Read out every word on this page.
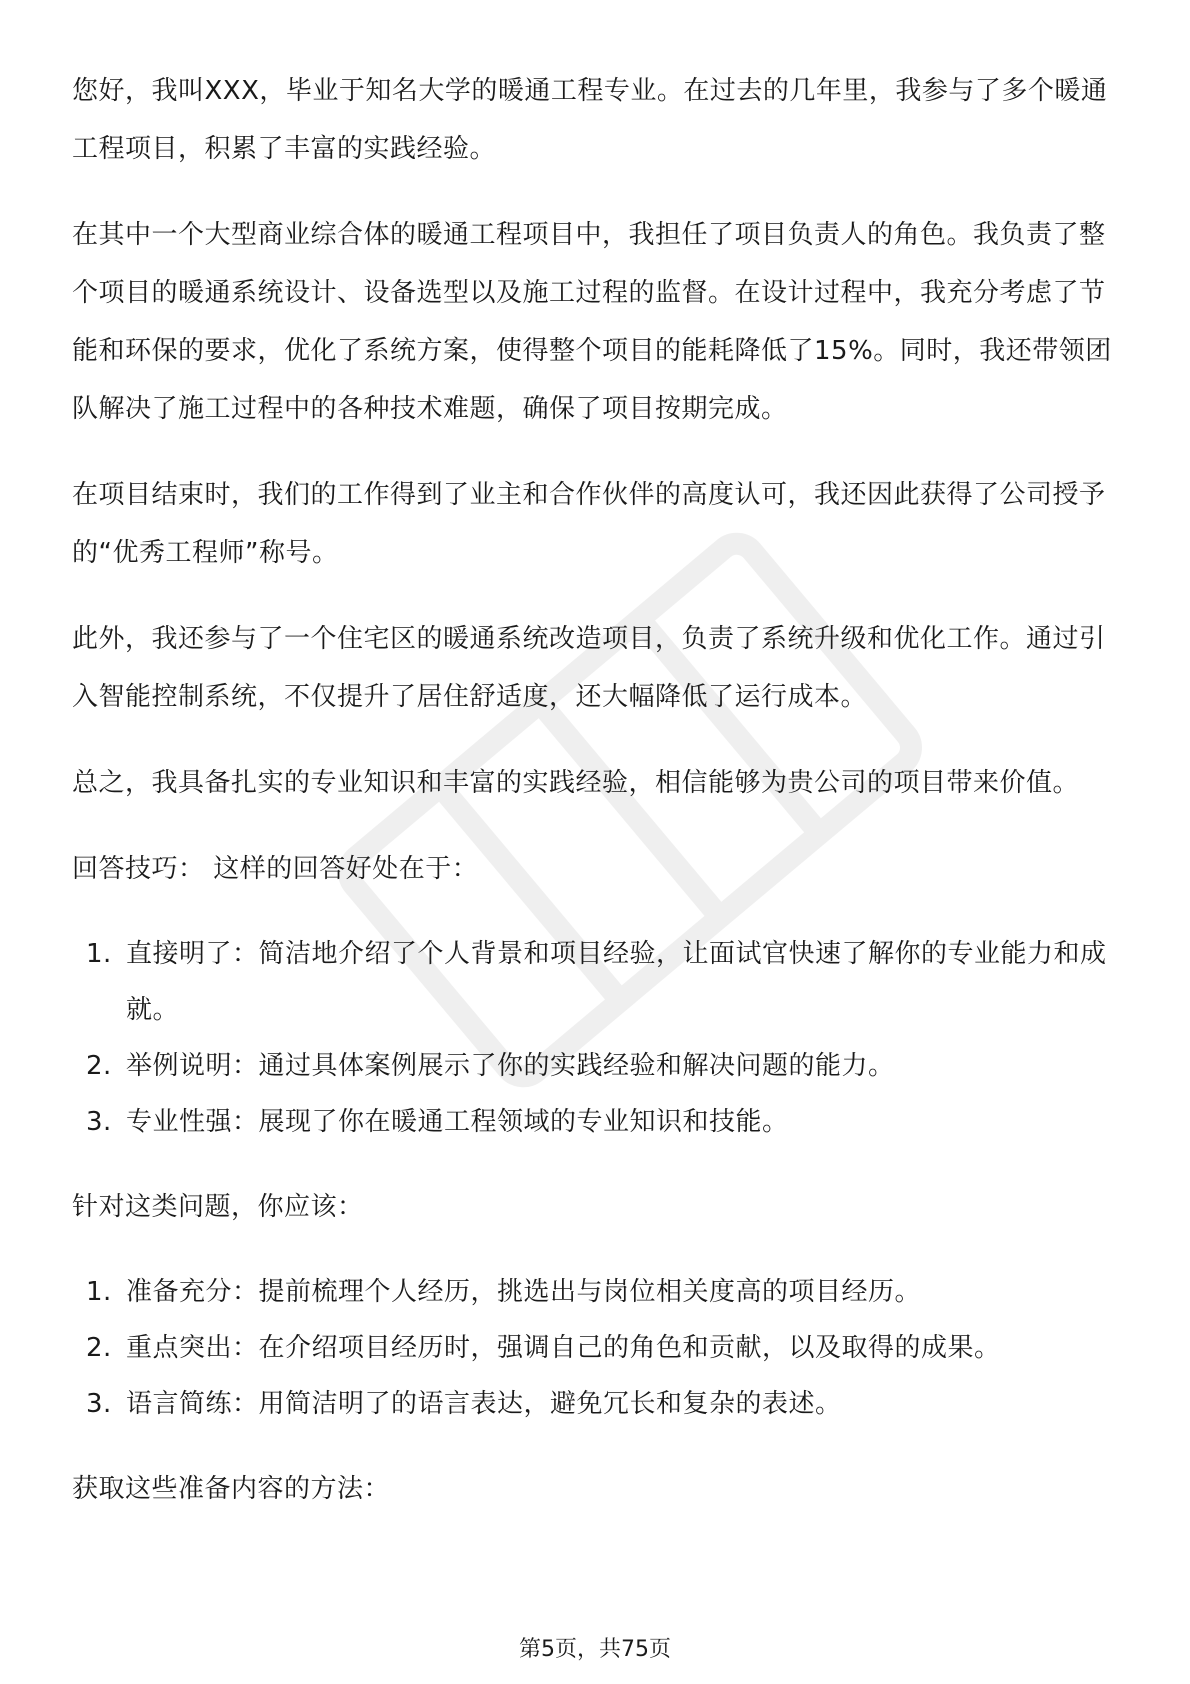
您好，我叫XXX，毕业于知名大学的暖通工程专业。在过去的几年里，我参与了多个暖通工程项目，积累了丰富的实践经验。

在其中一个大型商业综合体的暖通工程项目中，我担任了项目负责人的角色。我负责了整个项目的暖通系统设计、设备选型以及施工过程的监督。在设计过程中，我充分考虑了节能和环保的要求，优化了系统方案，使得整个项目的能耗降低了15%。同时，我还带领团队解决了施工过程中的各种技术难题，确保了项目按期完成。

在项目结束时，我们的工作得到了业主和合作伙伴的高度认可，我还因此获得了公司授予的“优秀工程师”称号。

此外，我还参与了一个住宅区的暖通系统改造项目，负责了系统升级和优化工作。通过引入智能控制系统，不仅提升了居住舒适度，还大幅降低了运行成本。

总之，我具备扎实的专业知识和丰富的实践经验，相信能够为贵公司的项目带来价值。

回答技巧： 这样的回答好处在于：

1. 直接明了：简洁地介绍了个人背景和项目经验，让面试官快速了解你的专业能力和成就。
2. 举例说明：通过具体案例展示了你的实践经验和解决问题的能力。
3. 专业性强：展现了你在暖通工程领域的专业知识和技能。

针对这类问题，你应该：

1. 准备充分：提前梳理个人经历，挑选出与岗位相关度高的项目经历。
2. 重点突出：在介绍项目经历时，强调自己的角色和贡献，以及取得的成果。
3. 语言简练：用简洁明了的语言表达，避免冗长和复杂的表述。

获取这些准备内容的方法：

第5页，共75页
